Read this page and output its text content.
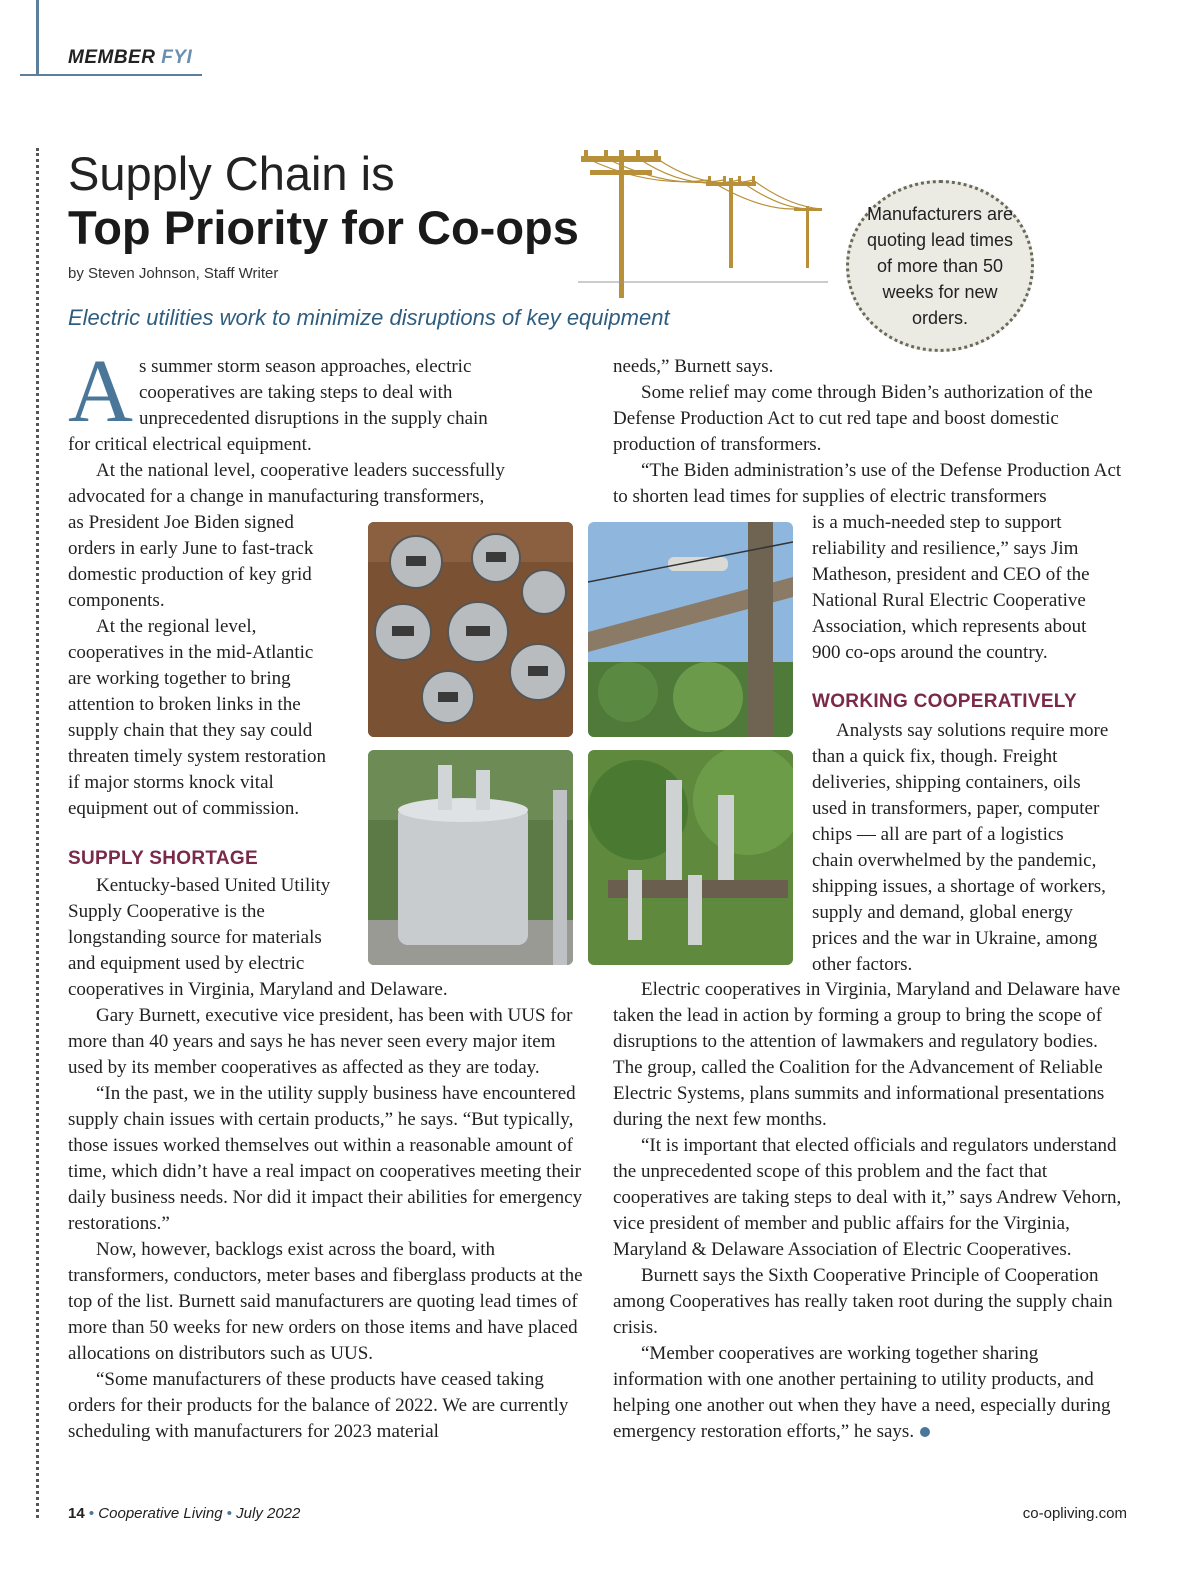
MEMBER FYI
Supply Chain is
Top Priority for Co-ops
by Steven Johnson, Staff Writer
Electric utilities work to minimize disruptions of key equipment
Manufacturers are quoting lead times of more than 50 weeks for new orders.
A s summer storm season approaches, electric
cooperatives are taking steps to deal with
unprecedented disruptions in the supply chain

for critical electrical equipment.

At the national level, cooperative leaders successfully advocated for a change in manufacturing transformers,

as President Joe Biden signed
orders in early June to fast-track
domestic production of key grid
components.
At the regional level,
cooperatives in the mid-Atlantic
are working together to bring
attention to broken links in the
supply chain that they say could
threaten timely system restoration
if major storms knock vital
equipment out of commission.
SUPPLY SHORTAGE
Kentucky-based United Utility
Supply Cooperative is the
longstanding source for materials
and equipment used by electric

cooperatives in Virginia, Maryland and Delaware.

Gary Burnett, executive vice president, has been with UUS for more than 40 years and says he has never seen every major item used by its member cooperatives as affected as they are today.

“In the past, we in the utility supply business have encountered supply chain issues with certain products,” he says. “But typically, those issues worked themselves out within a reasonable amount of time, which didn’t have a real impact on cooperatives meeting their daily business needs. Nor did it impact their abilities for emergency restorations.”

Now, however, backlogs exist across the board, with transformers, conductors, meter bases and fiberglass products at the top of the list. Burnett said manufacturers are quoting lead times of more than 50 weeks for new orders on those items and have placed allocations on distributors such as UUS.

“Some manufacturers of these products have ceased taking orders for their products for the balance of 2022. We are currently scheduling with manufacturers for 2023 material

needs,” Burnett says.

Some relief may come through Biden’s authorization of the Defense Production Act to cut red tape and boost domestic production of transformers.

“The Biden administration’s use of the Defense Production Act to shorten lead times for supplies of electric transformers

is a much-needed step to support
reliability and resilience,” says Jim
Matheson, president and CEO of the
National Rural Electric Cooperative
Association, which represents about
900 co-ops around the country.
WORKING COOPERATIVELY
Analysts say solutions require more
than a quick fix, though. Freight
deliveries, shipping containers, oils
used in transformers, paper, computer
chips — all are part of a logistics
chain overwhelmed by the pandemic,
shipping issues, a shortage of workers,
supply and demand, global energy
prices and the war in Ukraine, among
other factors.

Electric cooperatives in Virginia, Maryland and Delaware have taken the lead in action by forming a group to bring the scope of disruptions to the attention of lawmakers and regulatory bodies. The group, called the Coalition for the Advancement of Reliable Electric Systems, plans summits and informational presentations during the next few months.

“It is important that elected officials and regulators understand the unprecedented scope of this problem and the fact that cooperatives are taking steps to deal with it,” says Andrew Vehorn, vice president of member and public affairs for the Virginia, Maryland & Delaware Association of Electric Cooperatives.

Burnett says the Sixth Cooperative Principle of Cooperation among Cooperatives has really taken root during the supply chain crisis.

“Member cooperatives are working together sharing information with one another pertaining to utility products, and helping one another out when they have a need, especially during emergency restoration efforts,” he says.

14 • Cooperative Living • July 2022	co-opliving.com
